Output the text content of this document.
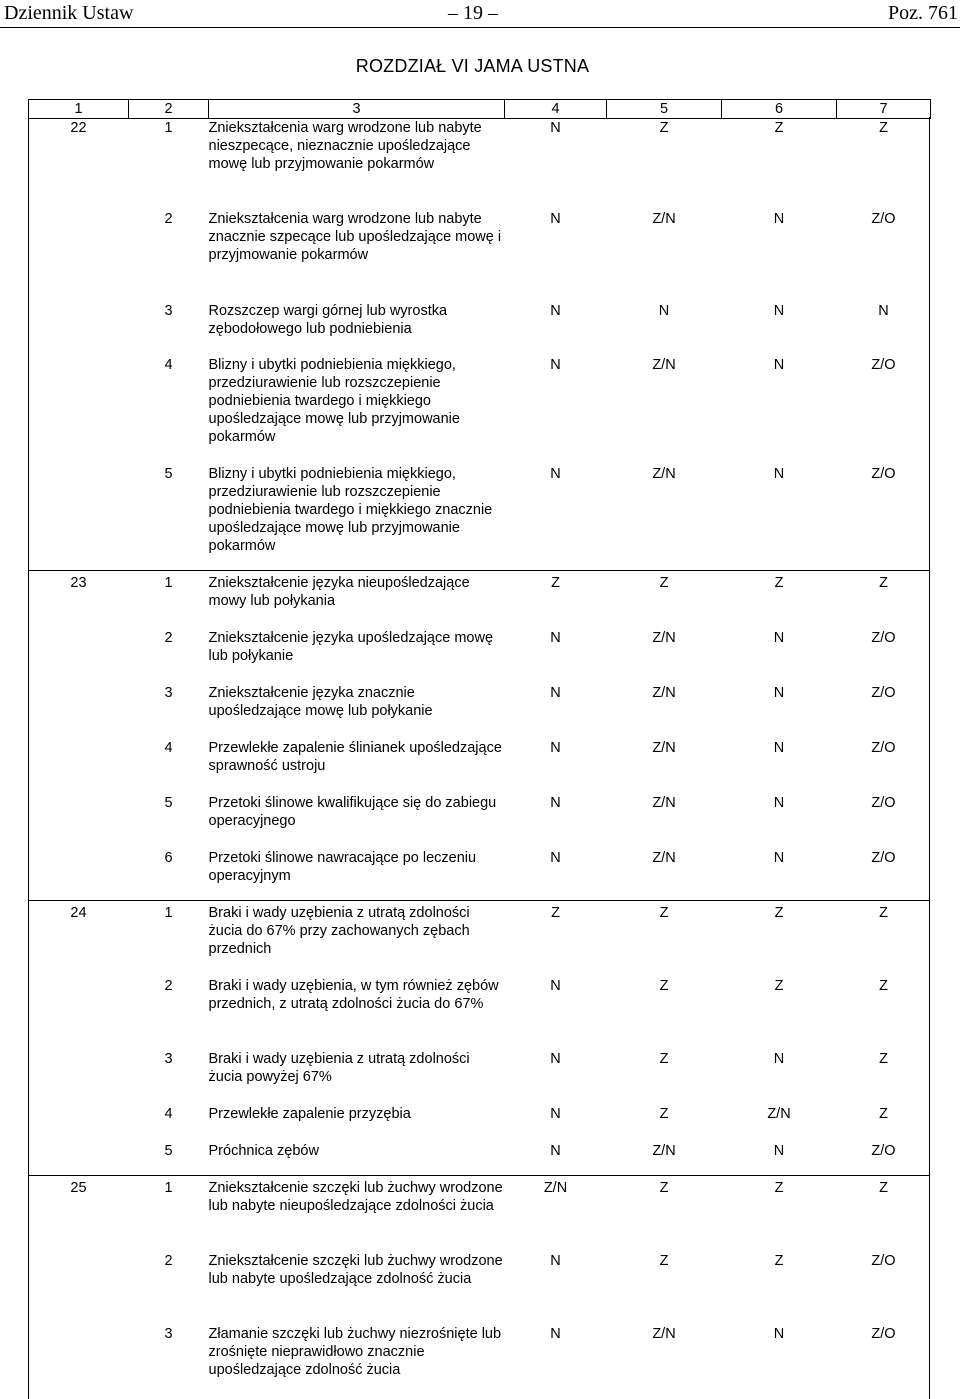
Dziennik Ustaw	– 19 –	Poz. 761
ROZDZIAŁ VI JAMA USTNA
1	2	3	4	5	6	7
22	1	Zniekształcenia warg wrodzone lub nabyte nieszpecące, nieznacznie upośledzające mowę lub przyjmowanie pokarmów	N	Z	Z	Z
	2	Zniekształcenia warg wrodzone lub nabyte znacznie szpecące lub upośledzające mowę i przyjmowanie pokarmów	N	Z/N	N	Z/O
	3	Rozszczep wargi górnej lub wyrostka zębodołowego lub podniebienia	N	N	N	N
	4	Blizny i ubytki podniebienia miękkiego, przedziurawienie lub rozszczepienie podniebienia twardego i miękkiego upośledzające mowę lub przyjmowanie pokarmów	N	Z/N	N	Z/O
	5	Blizny i ubytki podniebienia miękkiego, przedziurawienie lub rozszczepienie podniebienia twardego i miękkiego znacznie upośledzające mowę lub przyjmowanie pokarmów	N	Z/N	N	Z/O
23	1	Zniekształcenie języka nieupośledzające mowy lub połykania	Z	Z	Z	Z
	2	Zniekształcenie języka upośledzające mowę lub połykanie	N	Z/N	N	Z/O
	3	Zniekształcenie języka znacznie upośledzające mowę lub połykanie	N	Z/N	N	Z/O
	4	Przewlekłe zapalenie ślinianek upośledzające sprawność ustroju	N	Z/N	N	Z/O
	5	Przetoki ślinowe kwalifikujące się do zabiegu operacyjnego	N	Z/N	N	Z/O
	6	Przetoki ślinowe nawracające po leczeniu operacyjnym	N	Z/N	N	Z/O
24	1	Braki i wady uzębienia z utratą zdolności żucia do 67% przy zachowanych zębach przednich	Z	Z	Z	Z
	2	Braki i wady uzębienia, w tym również zębów przednich, z utratą zdolności żucia do 67%	N	Z	Z	Z
	3	Braki i wady uzębienia z utratą zdolności żucia powyżej 67%	N	Z	N	Z
	4	Przewlekłe zapalenie przyzębia	N	Z	Z/N	Z
	5	Próchnica zębów	N	Z/N	N	Z/O
25	1	Zniekształcenie szczęki lub żuchwy wrodzone lub nabyte nieupośledzające zdolności żucia	Z/N	Z	Z	Z
	2	Zniekształcenie szczęki lub żuchwy wrodzone lub nabyte upośledzające zdolność żucia	N	Z	Z	Z/O
	3	Złamanie szczęki lub żuchwy niezrośnięte lub zrośnięte nieprawidłowo znacznie upośledzające zdolność żucia	N	Z/N	N	Z/O
